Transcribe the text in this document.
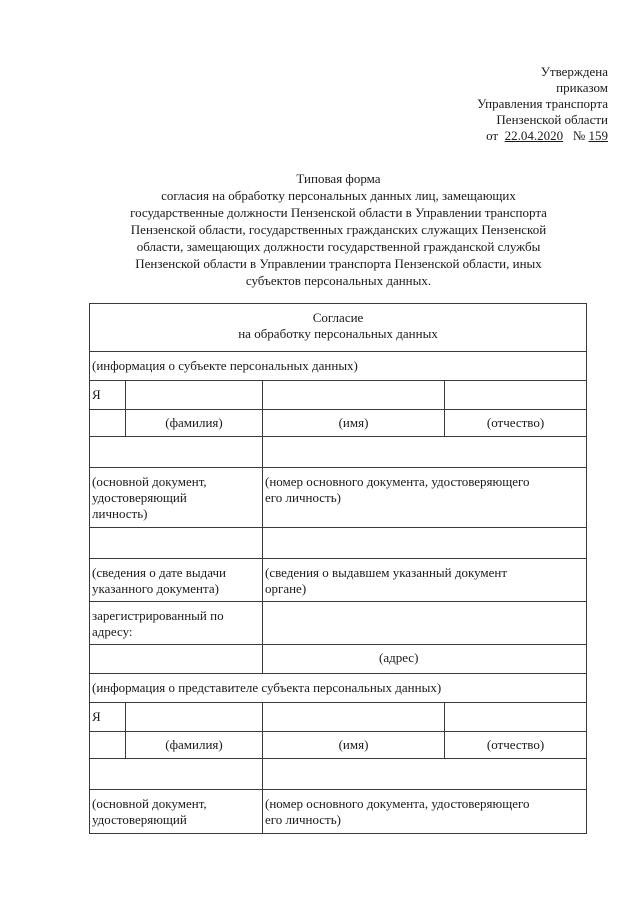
Утверждена
приказом
Управления транспорта
Пензенской области
от 22.04.2020 № 159
Типовая форма
согласия на обработку персональных данных лиц, замещающих
государственные должности Пензенской области в Управлении транспорта
Пензенской области, государственных гражданских служащих Пензенской
области, замещающих должности государственной гражданской службы
Пензенской области в Управлении транспорта Пензенской области, иных
субъектов персональных данных.
Согласие
на обработку персональных данных			

(информация о субъекте персональных данных)			
Я			
	(фамилия)	(имя)	(отчество)

(основной документ,
удостоверяющий
личность)		(номер основного документа, удостоверяющего
его личность)	

(сведения о дате выдачи
указанного документа)		(сведения о выдавшем указанный документ
органе)	
зарегистрированный по
адресу:			
		(адрес)	
(информация о представителе субъекта персональных данных)			
Я			
	(фамилия)	(имя)	(отчество)

(основной документ,
удостоверяющий		(номер основного документа, удостоверяющего
его личность)	
